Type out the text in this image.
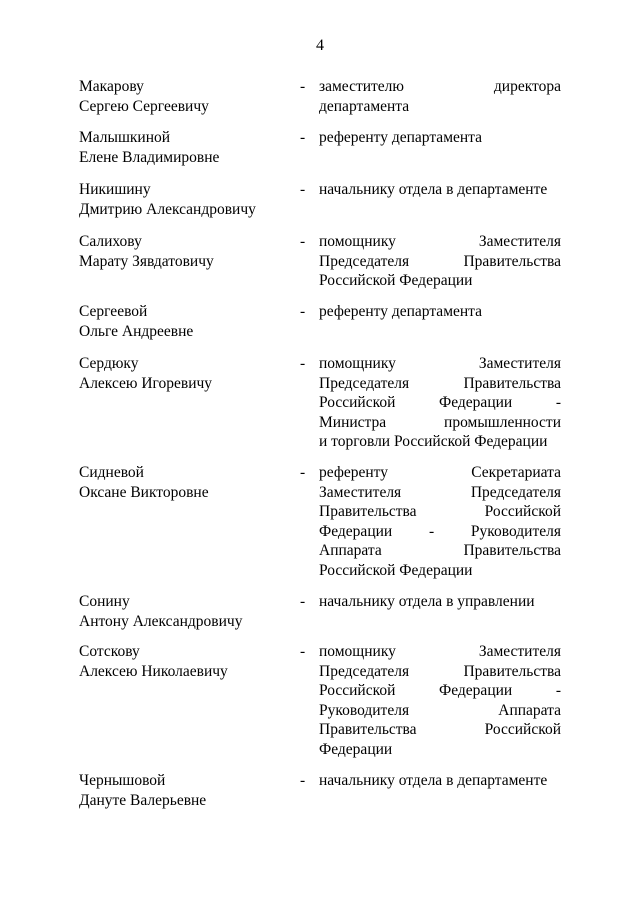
4
Макарову
Сергею Сергеевичу
- заместителю	директора
департамента
Малышкиной
Елене Владимировне
- референту департамента
Никишину
Дмитрию Александровичу
- начальнику отдела в департаменте
Салихову
Марату Зявдатовичу
- помощнику	Заместителя
Председателя	Правительства
Российской Федерации
Сергеевой
Ольге Андреевне
- референту департамента
Сердюку
Алексею Игоревичу
- помощнику	Заместителя
Председателя	Правительства
Российской	Федерации	-
Министра	промышленности
и торговли Российской Федерации
Сидневой
Оксане Викторовне
- референту	Секретариата
Заместителя	Председателя
Правительства	Российской
Федерации - Руководителя
Аппарата	Правительства
Российской Федерации
Сонину
Антону Александровичу
- начальнику отдела в управлении
Сотскову
Алексею Николаевичу
- помощнику	Заместителя
Председателя	Правительства
Российской	Федерации	-
Руководителя	Аппарата
Правительства	Российской
Федерации
Чернышовой
Дануте Валерьевне
- начальнику отдела в департаменте
